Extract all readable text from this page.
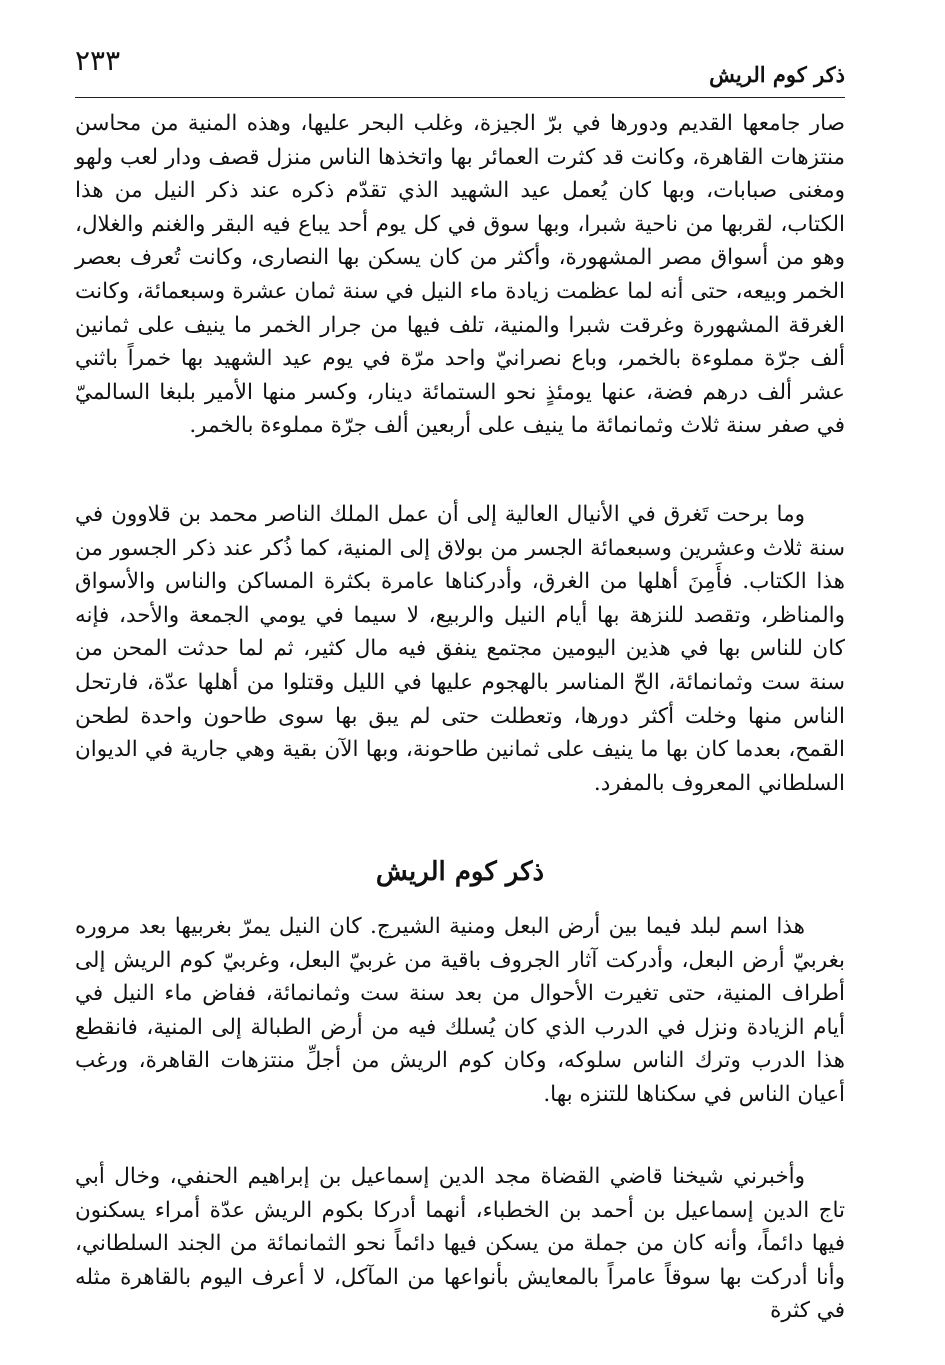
٢٣٣	ذكر كوم الريش

صار جامعها القديم ودورها في برّ الجيزة، وغلب البحر عليها، وهذه المنية من محاسن منتزهات القاهرة، وكانت قد كثرت العمائر بها واتخذها الناس منزل قصف ودار لعب ولهو ومغنى صبابات، وبها كان يُعمل عيد الشهيد الذي تقدّم ذكره عند ذكر النيل من هذا الكتاب، لقربها من ناحية شبرا، وبها سوق في كل يوم أحد يباع فيه البقر والغنم والغلال، وهو من أسواق مصر المشهورة، وأكثر من كان يسكن بها النصارى، وكانت تُعرف بعصر الخمر وبيعه، حتى أنه لما عظمت زيادة ماء النيل في سنة ثمان عشرة وسبعمائة، وكانت الغرقة المشهورة وغرقت شبرا والمنية، تلف فيها من جرار الخمر ما ينيف على ثمانين ألف جرّة مملوءة بالخمر، وباع نصرانيّ واحد مرّة في يوم عيد الشهيد بها خمراً باثني عشر ألف درهم فضة، عنها يومئذٍ نحو الستمائة دينار، وكسر منها الأمير بلبغا السالميّ في صفر سنة ثلاث وثمانمائة ما ينيف على أربعين ألف جرّة مملوءة بالخمر.

وما برحت تَغرق في الأنيال العالية إلى أن عمل الملك الناصر محمد بن قلاوون في سنة ثلاث وعشرين وسبعمائة الجسر من بولاق إلى المنية، كما ذُكر عند ذكر الجسور من هذا الكتاب. فأَمِنَ أهلها من الغرق، وأدركناها عامرة بكثرة المساكن والناس والأسواق والمناظر، وتقصد للنزهة بها أيام النيل والربيع، لا سيما في يومي الجمعة والأحد، فإنه كان للناس بها في هذين اليومين مجتمع ينفق فيه مال كثير، ثم لما حدثت المحن من سنة ست وثمانمائة، الحّ المناسر بالهجوم عليها في الليل وقتلوا من أهلها عدّة، فارتحل الناس منها وخلت أكثر دورها، وتعطلت حتى لم يبق بها سوى طاحون واحدة لطحن القمح، بعدما كان بها ما ينيف على ثمانين طاحونة، وبها الآن بقية وهي جارية في الديوان السلطاني المعروف بالمفرد.

ذكر كوم الريش

هذا اسم لبلد فيما بين أرض البعل ومنية الشيرج. كان النيل يمرّ بغربيها بعد مروره بغربيّ أرض البعل، وأدركت آثار الجروف باقية من غربيّ البعل، وغربيّ كوم الريش إلى أطراف المنية، حتى تغيرت الأحوال من بعد سنة ست وثمانمائة، ففاض ماء النيل في أيام الزيادة ونزل في الدرب الذي كان يُسلك فيه من أرض الطبالة إلى المنية، فانقطع هذا الدرب وترك الناس سلوكه، وكان كوم الريش من أجلِّ منتزهات القاهرة، ورغب أعيان الناس في سكناها للتنزه بها.

وأخبرني شيخنا قاضي القضاة مجد الدين إسماعيل بن إبراهيم الحنفي، وخال أبي تاج الدين إسماعيل بن أحمد بن الخطباء، أنهما أدركا بكوم الريش عدّة أمراء يسكنون فيها دائماً، وأنه كان من جملة من يسكن فيها دائماً نحو الثمانمائة من الجند السلطاني، وأنا أدركت بها سوقاً عامراً بالمعايش بأنواعها من المآكل، لا أعرف اليوم بالقاهرة مثله في كثرة
